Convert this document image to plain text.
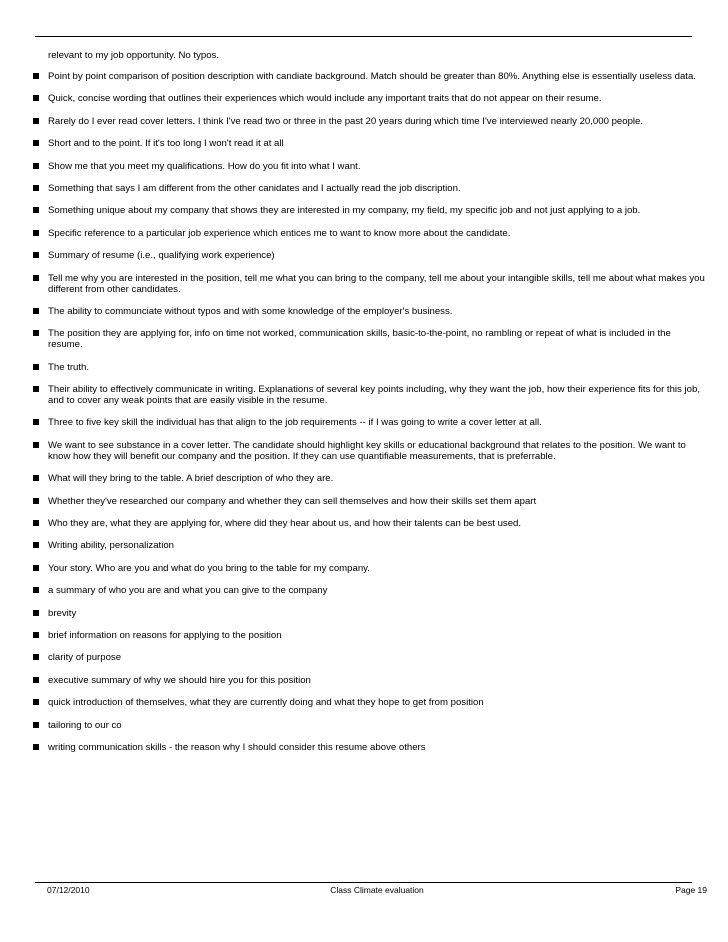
relevant to my job opportunity. No typos.
Point by point comparison of position description with candiate background. Match should be greater than 80%. Anything else is essentially useless data.
Quick, concise wording that outlines their experiences which would include any important traits that do not appear on their resume.
Rarely do I ever read cover letters. I think I've read two or three in the past 20 years during which time I've interviewed nearly 20,000 people.
Short and to the point. If it's too long I won't read it at all
Show me that you meet my qualifications. How do you fit into what I want.
Something that says I am different from the other canidates and I actually read the job discription.
Something unique about my company that shows they are interested in my company, my field, my specific job and not just applying to a job.
Specific reference to a particular job experience which entices me to want to know more about the candidate.
Summary of resume (i.e., qualifying work experience)
Tell me why you are interested in the position, tell me what you can bring to the company, tell me about your intangible skills, tell me about what makes you different from other candidates.
The ability to communciate without typos and with some knowledge of the employer's business.
The position they are applying for, info on time not worked, communication skills, basic-to-the-point, no rambling or repeat of what is included in the resume.
The truth.
Their ability to effectively communicate in writing. Explanations of several key points including, why they want the job, how their experience fits for this job, and to cover any weak points that are easily visible in the resume.
Three to five key skill the individual has that align to the job requirements -- if I was going to write a cover letter at all.
We want to see substance in a cover letter. The candidate should highlight key skills or educational background that relates to the position. We want to know how they will benefit our company and the position. If they can use quantifiable measurements, that is preferrable.
What will they bring to the table. A brief description of who they are.
Whether they've researched our company and whether they can sell themselves and how their skills set them apart
Who they are, what they are applying for, where did they hear about us, and how their talents can be best used.
Writing ability, personalization
Your story. Who are you and what do you bring to the table for my company.
a summary of who you are and what you can give to the company
brevity
brief information on reasons for applying to the position
clarity of purpose
executive summary of why we should hire you for this position
quick introduction of themselves, what they are currently doing and what they hope to get from position
tailoring to our co
writing communication skills - the reason why I should consider this resume above others
07/12/2010	Class Climate evaluation	Page 19
